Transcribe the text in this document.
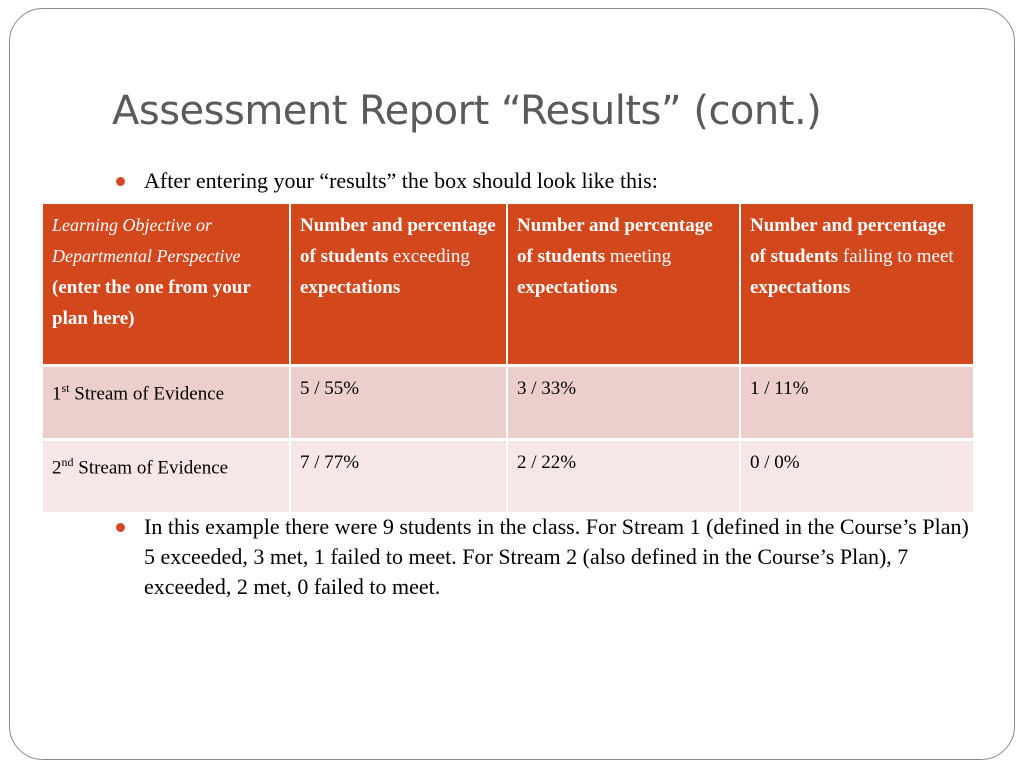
Assessment Report “Results” (cont.)
After entering your “results” the box should look like this:
Learning Objective or Departmental Perspective
(enter the one from your plan here)	Number and percentage of students exceeding expectations	Number and percentage of students meeting expectations	Number and percentage of students failing to meet expectations
1st Stream of Evidence	5 / 55%	3 / 33%	1 / 11%
2nd Stream of Evidence	7 / 77%	2 / 22%	0 / 0%
In this example there were 9 students in the class. For Stream 1 (defined in the Course’s Plan) 5 exceeded, 3 met, 1 failed to meet. For Stream 2 (also defined in the Course’s Plan), 7 exceeded, 2 met, 0 failed to meet.
